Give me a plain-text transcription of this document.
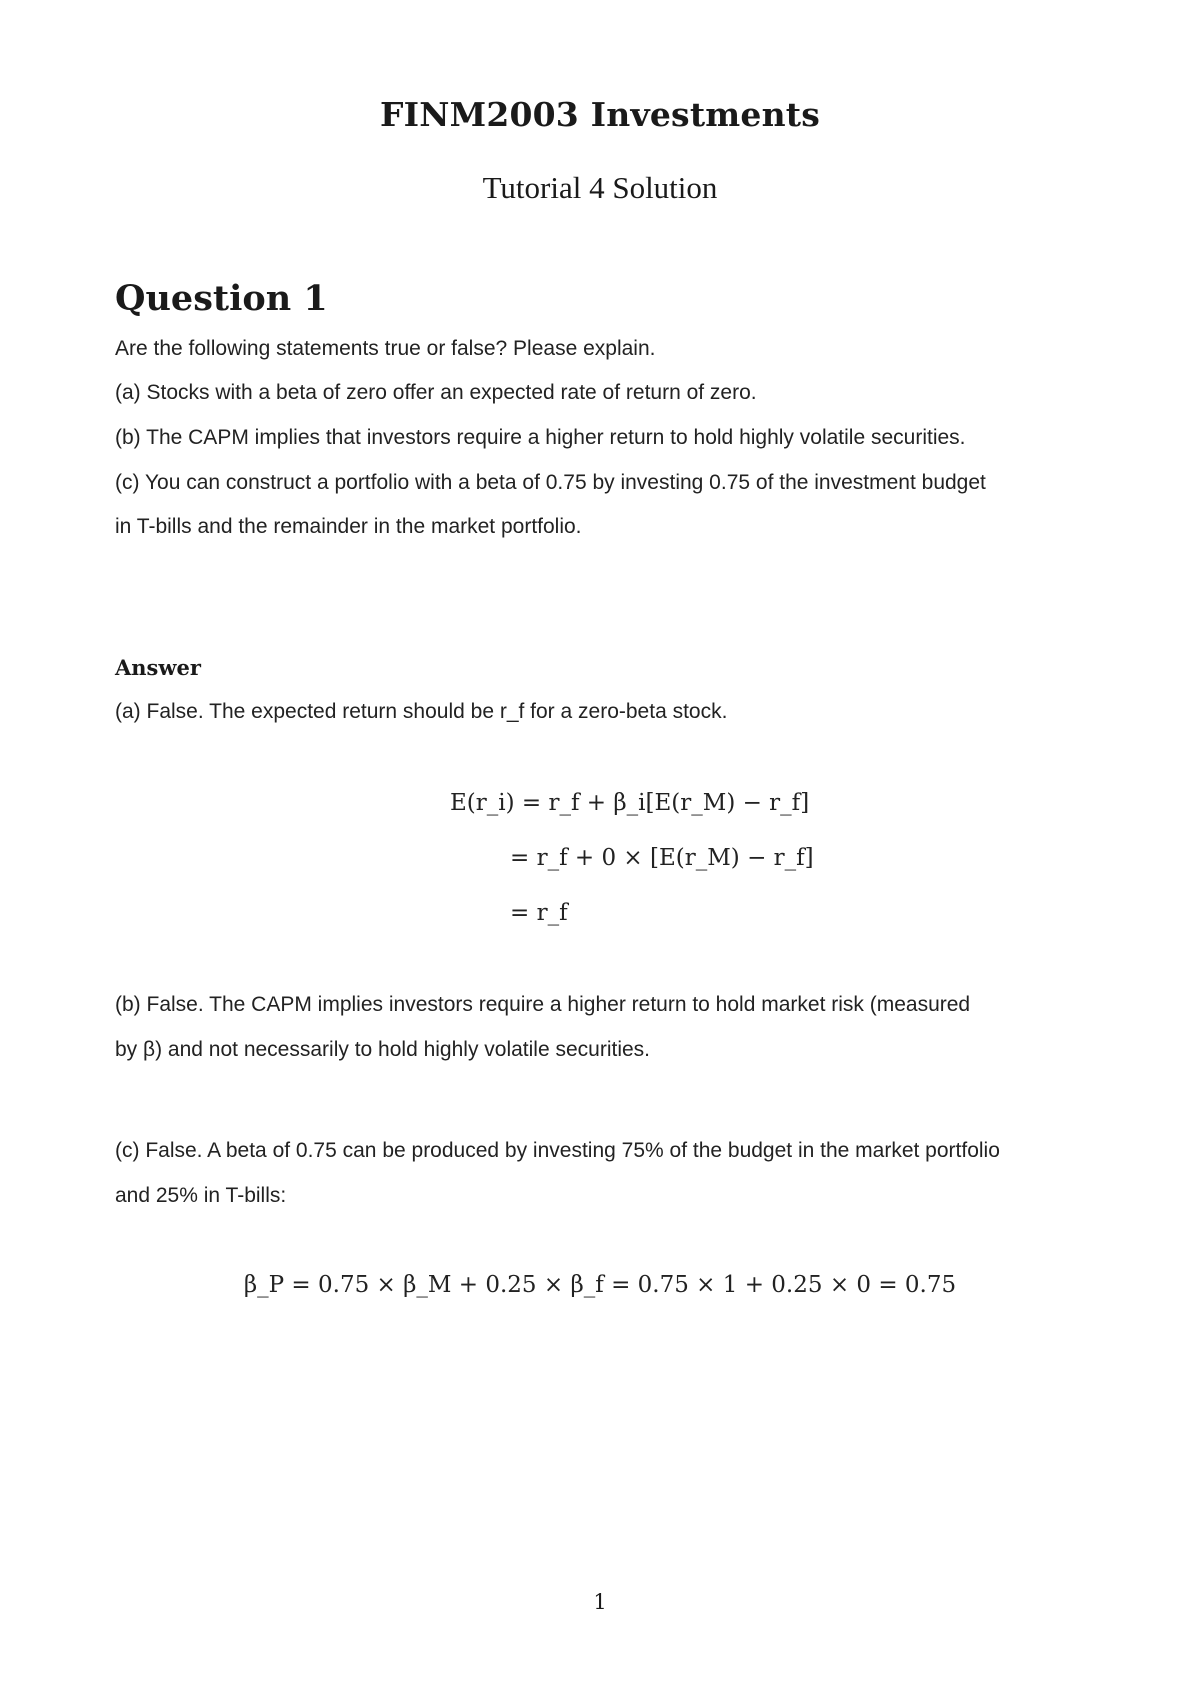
FINM2003 Investments
Tutorial 4 Solution
Question 1
Are the following statements true or false? Please explain.
(a) Stocks with a beta of zero offer an expected rate of return of zero.
(b) The CAPM implies that investors require a higher return to hold highly volatile securities.
(c) You can construct a portfolio with a beta of 0.75 by investing 0.75 of the investment budget
in T-bills and the remainder in the market portfolio.
Answer
(a) False. The expected return should be r_f for a zero-beta stock.
E(r_i) = r_f + β_i[E(r_M) − r_f]
= r_f + 0 × [E(r_M) − r_f]
= r_f
(b) False. The CAPM implies investors require a higher return to hold market risk (measured
by β) and not necessarily to hold highly volatile securities.
(c) False. A beta of 0.75 can be produced by investing 75% of the budget in the market portfolio
and 25% in T-bills:
β_P = 0.75 × β_M + 0.25 × β_f = 0.75 × 1 + 0.25 × 0 = 0.75
1
